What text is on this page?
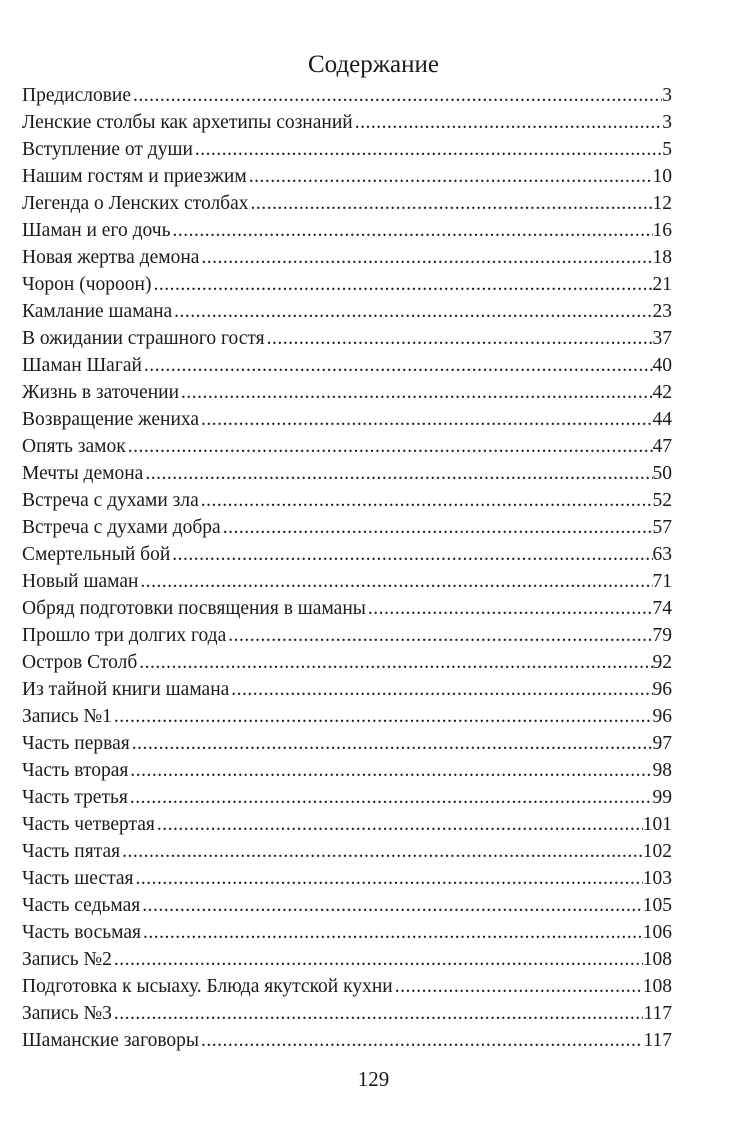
Содержание
Предисловие .....	3
Ленские столбы как архетипы сознаний .....	3
Вступление от души .....	5
Нашим гостям и приезжим .....	10
Легенда о Ленских столбах .....	12
Шаман и его дочь .....	16
Новая жертва демона .....	18
Чорон (чороон) .....	21
Камлание шамана .....	23
В ожидании страшного гостя .....	37
Шаман Шагай .....	40
Жизнь в заточении .....	42
Возвращение жениха .....	44
Опять замок .....	47
Мечты демона .....	50
Встреча с духами зла .....	52
Встреча с духами добра .....	57
Смертельный бой .....	63
Новый шаман .....	71
Обряд подготовки посвящения в шаманы .....	74
Прошло три долгих года .....	79
Остров Столб .....	92
Из тайной книги шамана .....	96
Запись №1 .....	96
Часть первая .....	97
Часть вторая .....	98
Часть третья .....	99
Часть четвертая .....	101
Часть пятая .....	102
Часть шестая .....	103
Часть седьмая .....	105
Часть восьмая .....	106
Запись №2 .....	108
Подготовка к ысыаху. Блюда якутской кухни .....	108
Запись №3 .....	117
Шаманские заговоры .....	117
129
